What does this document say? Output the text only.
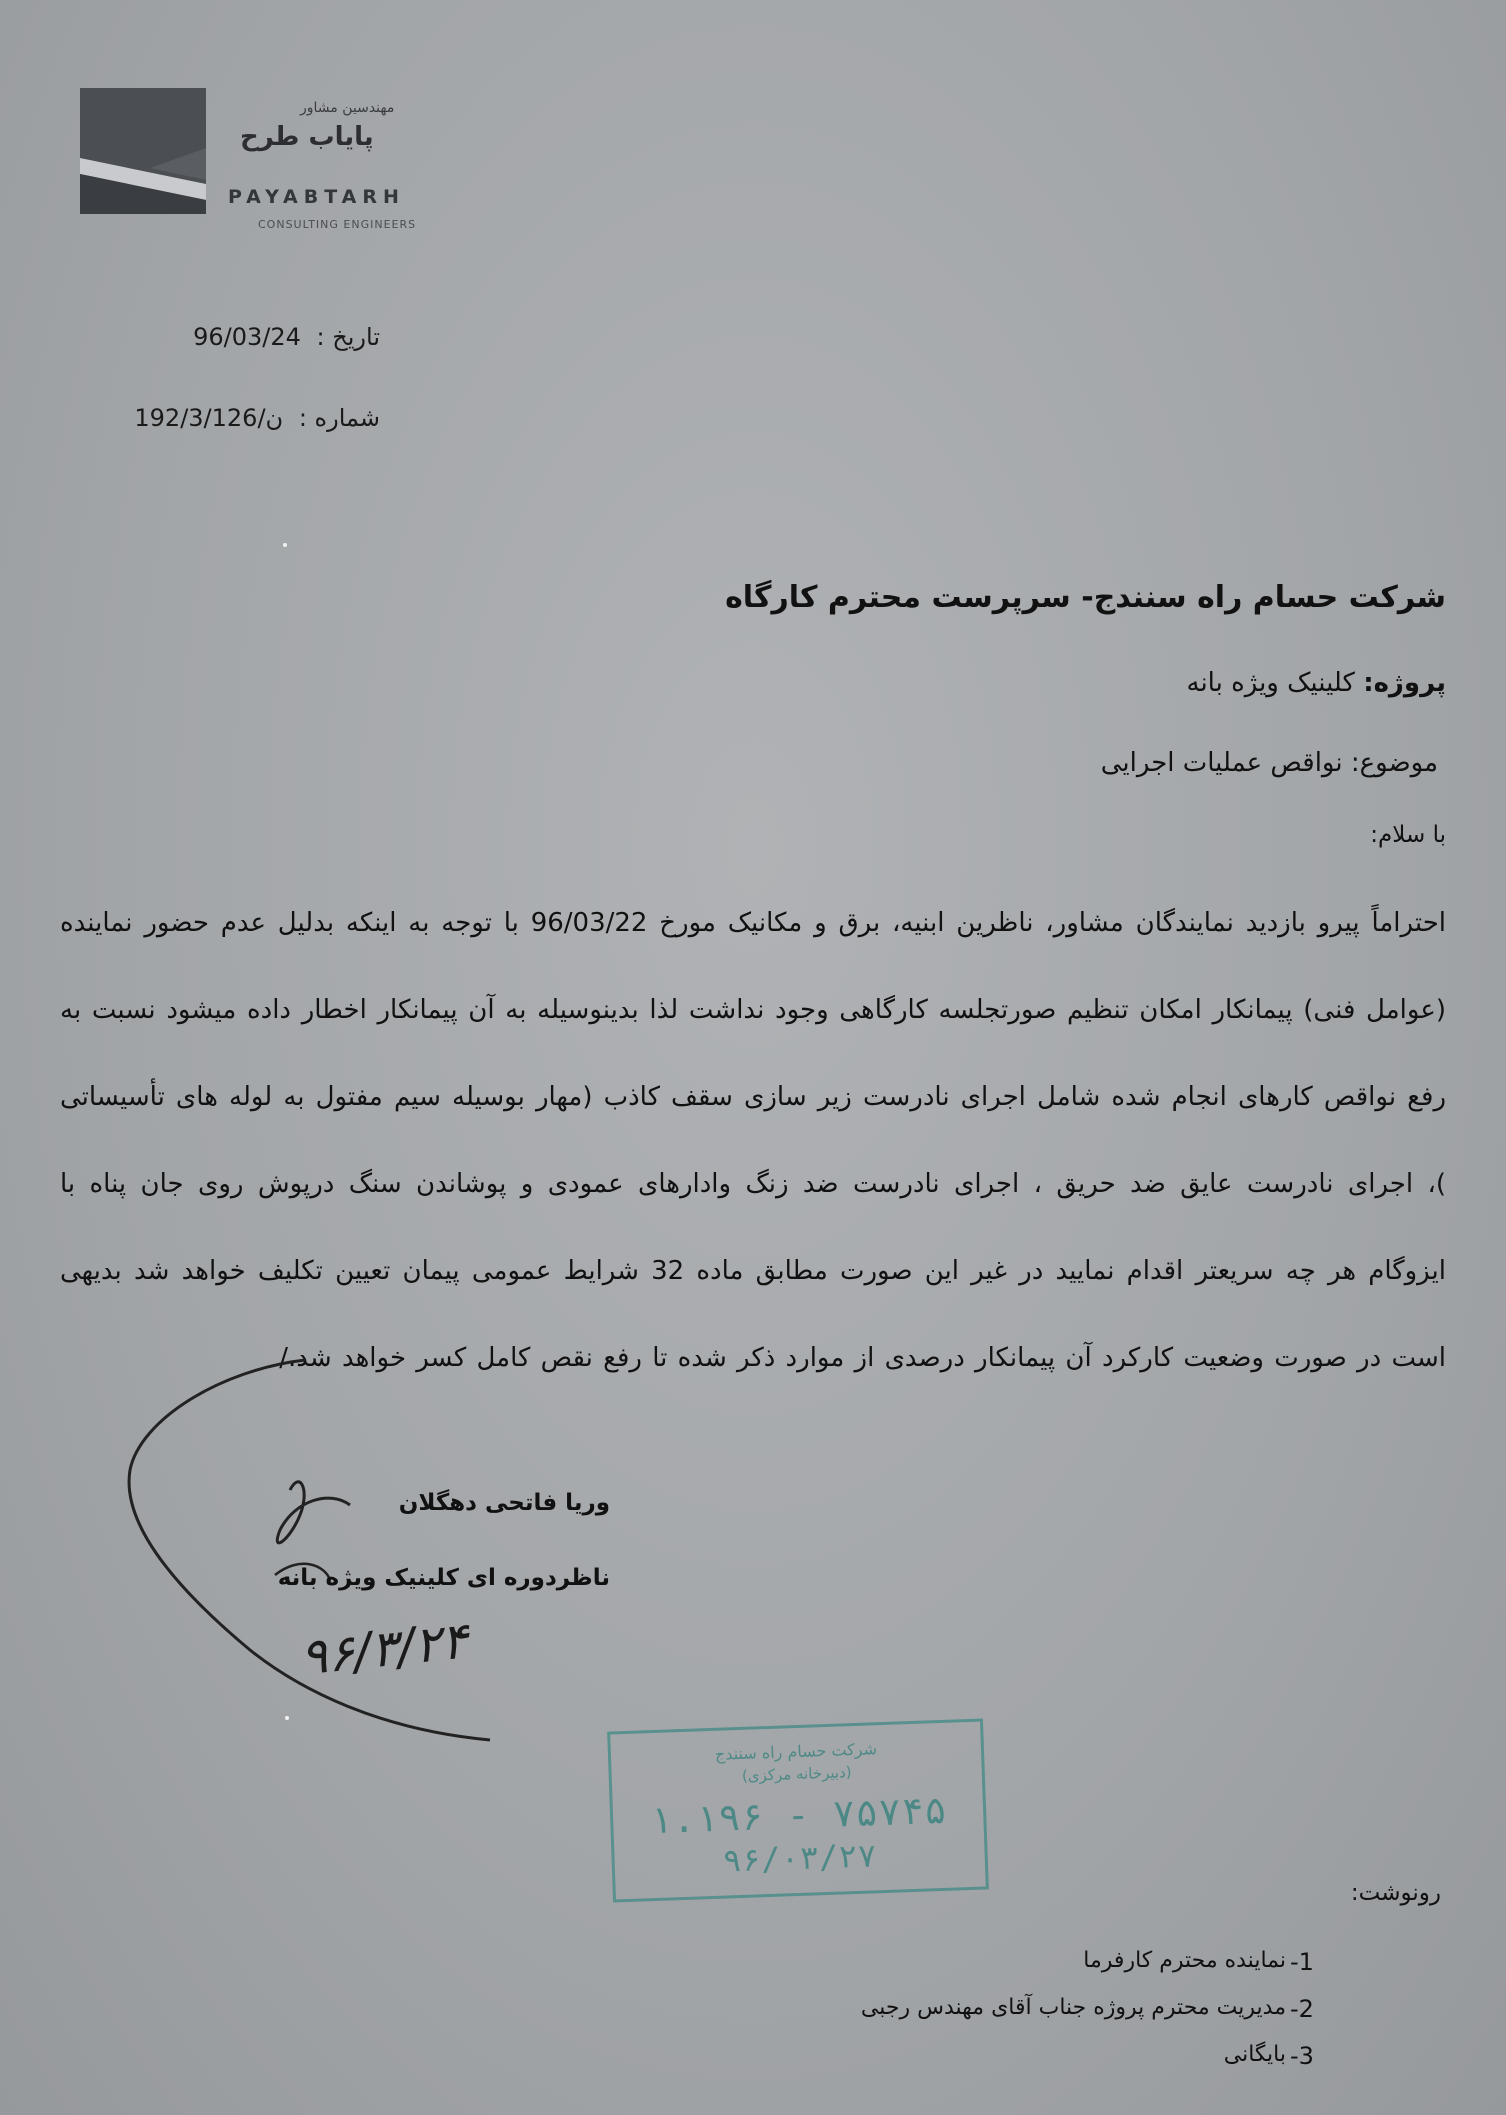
مهندسین مشاور
پایاب طرح
PAYABTARH
CONSULTING ENGINEERS
تاریخ : 96/03/24
شماره : 192/3/ن/126
شرکت حسام راه سنندج- سرپرست محترم کارگاه
پروژه: کلینیک ویژه بانه
موضوع: نواقص عملیات اجرایی
با سلام:
احتراماً پیرو بازدید نمایندگان مشاور، ناظرین ابنیه، برق و مکانیک مورخ 96/03/22 با توجه به اینکه بدلیل عدم حضور نماینده (عوامل فنی) پیمانکار امکان تنظیم صورتجلسه کارگاهی وجود نداشت لذا بدینوسیله به آن پیمانکار اخطار داده میشود نسبت به رفع نواقص کارهای انجام شده شامل اجرای نادرست زیر سازی سقف کاذب (مهار بوسیله سیم مفتول به لوله های تأسیساتی )، اجرای نادرست عایق ضد حریق ، اجرای نادرست ضد زنگ وادارهای عمودی و پوشاندن سنگ درپوش روی جان پناه با ایزوگام هر چه سریعتر اقدام نمایید در غیر این صورت مطابق ماده 32 شرایط عمومی پیمان تعیین تکلیف خواهد شد بدیهی است در صورت وضعیت کارکرد آن پیمانکار درصدی از موارد ذکر شده تا رفع نقص کامل کسر خواهد شد./
وریا فاتحی دهگلان
ناظردوره ای کلینیک ویژه بانه
۹۶/۳/۲۴
شرکت حسام راه سنندج
(دبیرخانه مرکزی)
۱.۱۹۶ - ۷۵۷۴۵
۹۶/۰۳/۲۷
رونوشت:
-1
نماینده محترم کارفرما
-2
مدیریت محترم پروژه جناب آقای مهندس رجبی
-3
بایگانی
